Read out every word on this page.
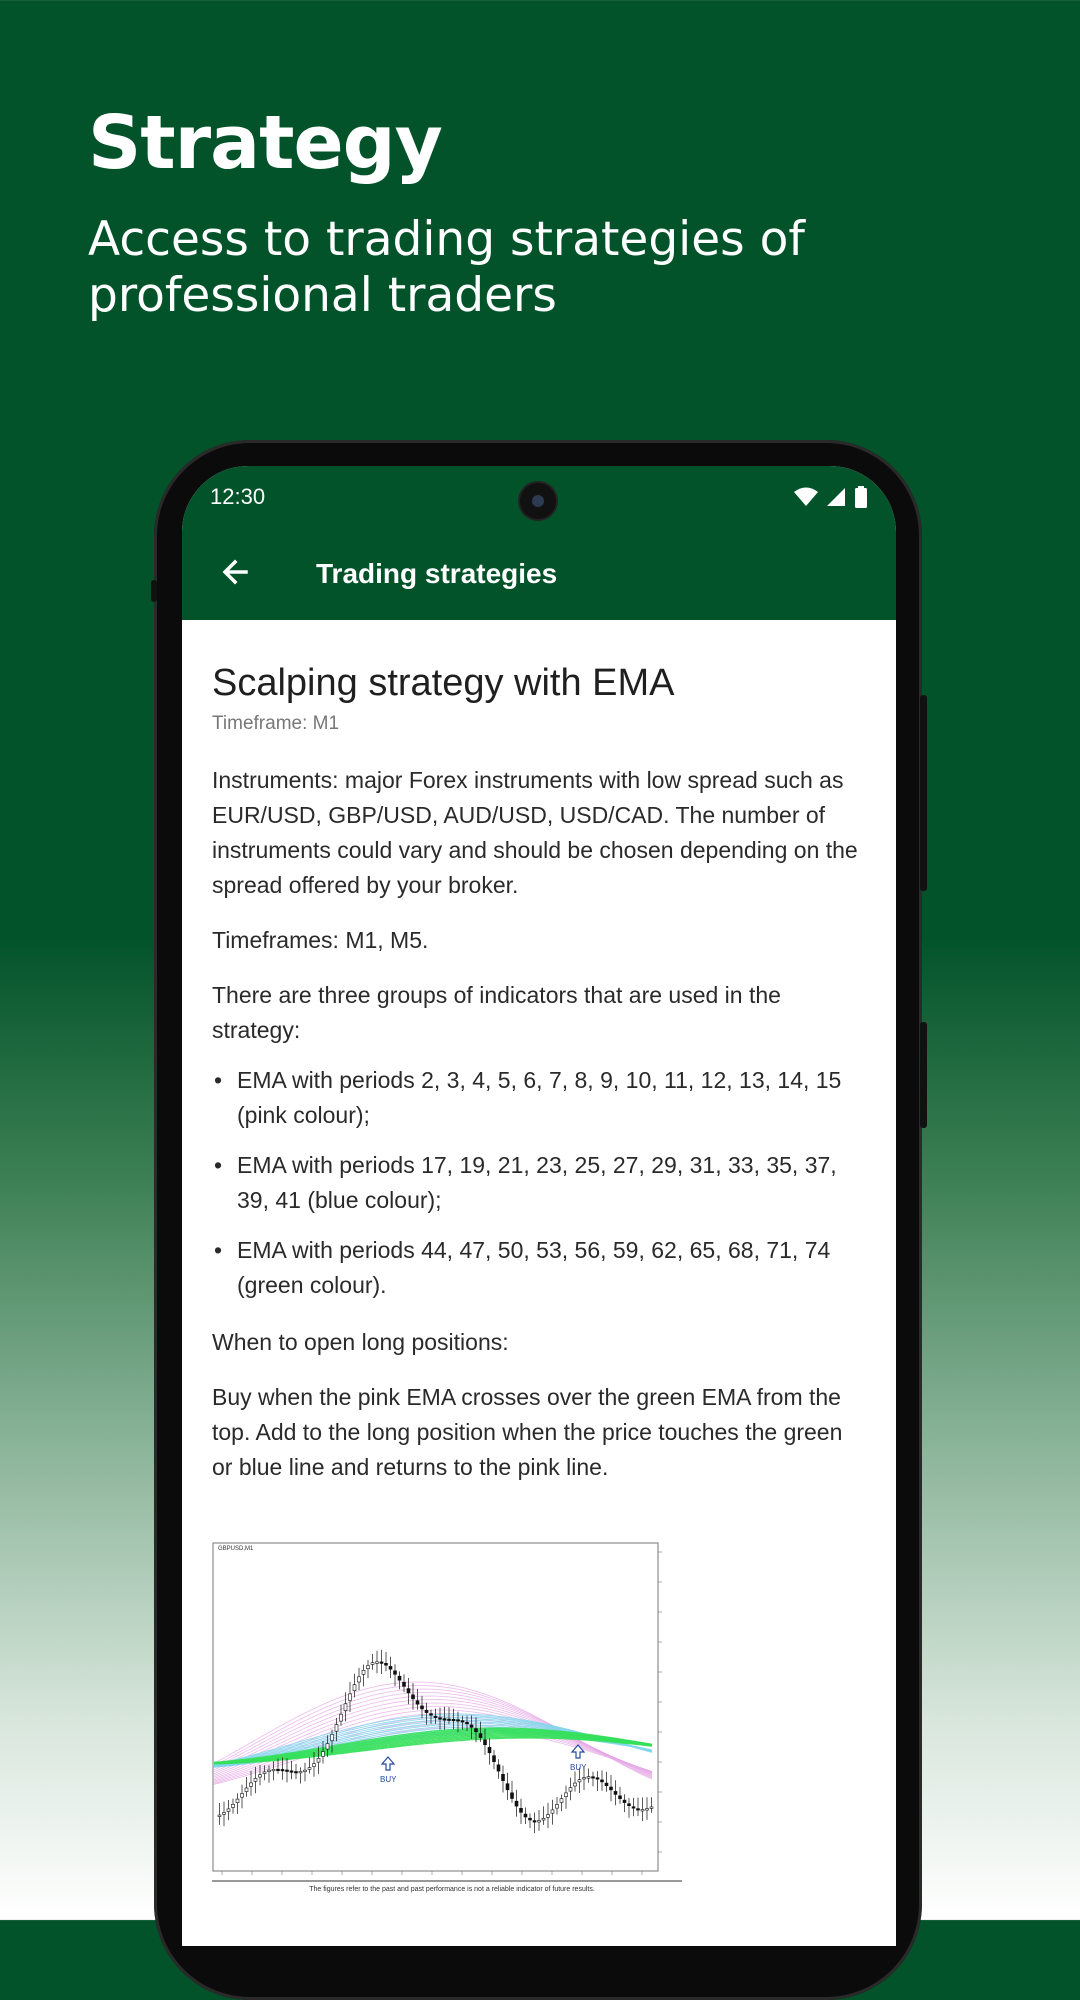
Strategy

Access to trading strategies of professional traders

12:30
Trading strategies
Scalping strategy with EMA

Timeframe: M1

Instruments: major Forex instruments with low spread such as EUR/USD, GBP/USD, AUD/USD, USD/CAD. The number of instruments could vary and should be chosen depending on the spread offered by your broker.

Timeframes: M1, M5.

There are three groups of indicators that are used in the strategy:

• EMA with periods 2, 3, 4, 5, 6, 7, 8, 9, 10, 11, 12, 13, 14, 15 (pink colour);
• EMA with periods 17, 19, 21, 23, 25, 27, 29, 31, 33, 35, 37, 39, 41 (blue colour);
• EMA with periods 44, 47, 50, 53, 56, 59, 62, 65, 68, 71, 74 (green colour).

When to open long positions:

Buy when the pink EMA crosses over the green EMA from the top. Add to the long position when the price touches the green or blue line and returns to the pink line.

GBPUSD,M1
BUY
BUY
The figures refer to the past and past performance is not a reliable indicator of future results.
